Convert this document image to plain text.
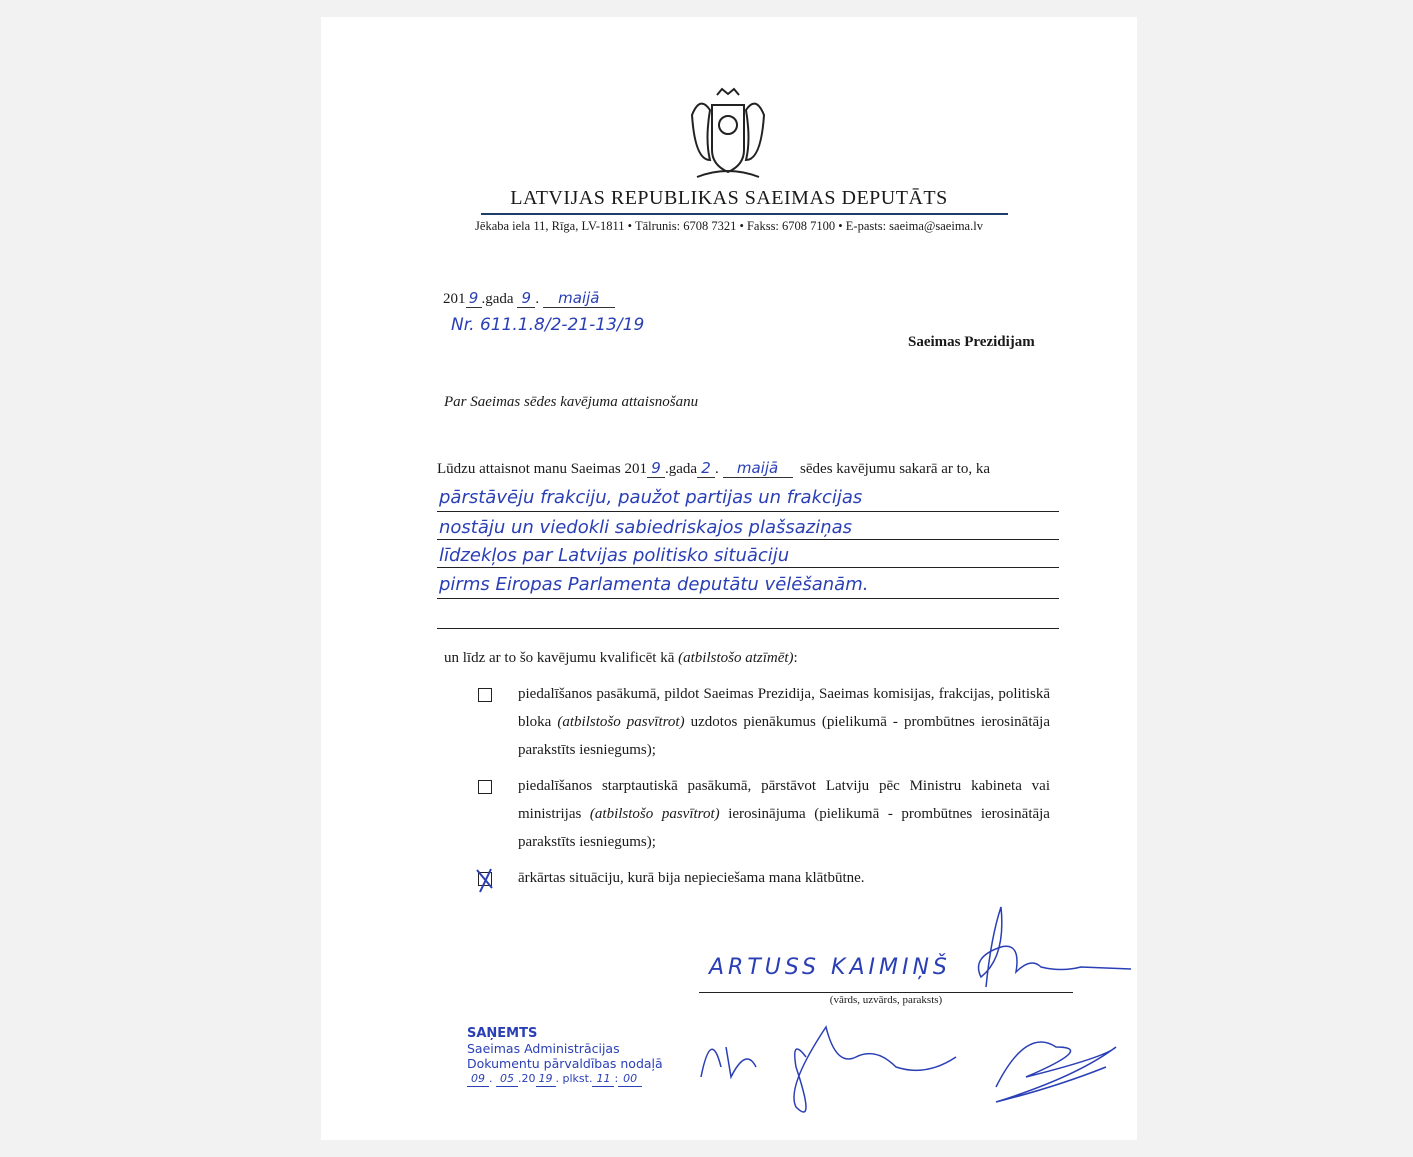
LATVIJAS REPUBLIKAS SAEIMAS DEPUTĀTS
Jēkaba iela 11, Rīga, LV-1811 • Tālrunis: 6708 7321 • Fakss: 6708 7100 • E-pasts: saeima@saeima.lv
201 9 .gada 9 . maijā
Nr. 611.1.8/2-21-13/19
Saeimas Prezidijam
Par Saeimas sēdes kavējuma attaisnošanu
Lūdzu attaisnot manu Saeimas 201 9 .gada 2 . maijā sēdes kavējumu sakarā ar to, ka
pārstāvēju frakciju, paužot partijas un frakcijas
nostāju un viedokli sabiedriskajos plašsaziņas
līdzekļos par Latvijas politisko situāciju
pirms Eiropas Parlamenta deputātu vēlēšanām.
un līdz ar to šo kavējumu kvalificēt kā (atbilstošo atzīmēt):
piedalīšanos pasākumā, pildot Saeimas Prezidija, Saeimas komisijas, frakcijas, politiskā bloka (atbilstošo pasvītrot) uzdotos pienākumus (pielikumā - prombūtnes ierosinātāja parakstīts iesniegums);
piedalīšanos starptautiskā pasākumā, pārstāvot Latviju pēc Ministru kabineta vai ministrijas (atbilstošo pasvītrot) ierosinājuma (pielikumā - prombūtnes ierosinātāja parakstīts iesniegums);
ārkārtas situāciju, kurā bija nepieciešama mana klātbūtne.
ARTUSS KAIMIŅŠ
(vārds, uzvārds, paraksts)
SAŅEMTS
Saeimas Administrācijas
Dokumentu pārvaldības nodaļā
09 . 05 .20 19 . plkst. 11 : 00
